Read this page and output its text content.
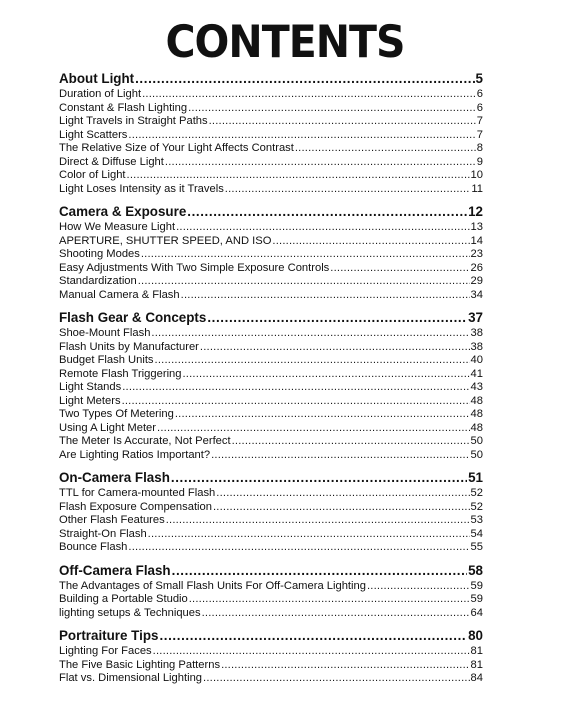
CONTENTS
About Light .....	5
Duration of Light .....	6
Constant & Flash Lighting .....	6
Light Travels in Straight Paths .....	7
Light Scatters .....	7
The Relative Size of Your Light Affects Contrast .....	8
Direct & Diffuse Light .....	9
Color of Light .....	10
Light Loses Intensity as it Travels .....	11
Camera & Exposure .....	12
How We Measure Light .....	13
APERTURE, SHUTTER SPEED, AND ISO .....	14
Shooting Modes .....	23
Easy Adjustments With Two Simple Exposure Controls .....	26
Standardization .....	29
Manual Camera & Flash .....	34
Flash Gear & Concepts .....	37
Shoe-Mount Flash .....	38
Flash Units by Manufacturer .....	38
Budget Flash Units .....	40
Remote Flash Triggering .....	41
Light Stands .....	43
Light Meters .....	48
Two Types Of Metering .....	48
Using A Light Meter .....	48
The Meter Is Accurate, Not Perfect .....	50
Are Lighting Ratios Important? .....	50
On-Camera Flash .....	51
TTL for Camera-mounted Flash .....	52
Flash Exposure Compensation .....	52
Other Flash Features .....	53
Straight-On Flash .....	54
Bounce Flash .....	55
Off-Camera Flash .....	58
The Advantages of Small Flash Units For Off-Camera Lighting .....	59
Building a Portable Studio .....	59
lighting setups & Techniques .....	64
Portraiture Tips .....	80
Lighting For Faces .....	81
The Five Basic Lighting Patterns .....	81
Flat vs. Dimensional Lighting .....	84
